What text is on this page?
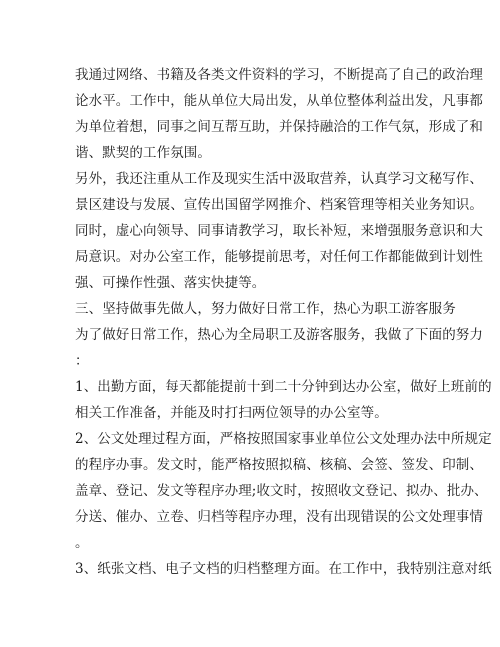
我通过网络、书籍及各类文件资料的学习，不断提高了自己的政治理
论水平。工作中，能从单位大局出发，从单位整体利益出发，凡事都
为单位着想，同事之间互帮互助，并保持融洽的工作气氛，形成了和
谐、默契的工作氛围。
另外，我还注重从工作及现实生活中汲取营养，认真学习文秘写作、
景区建设与发展、宣传出国留学网推介、档案管理等相关业务知识。
同时，虚心向领导、同事请教学习，取长补短，来增强服务意识和大
局意识。对办公室工作，能够提前思考，对任何工作都能做到计划性
强、可操作性强、落实快捷等。
三、坚持做事先做人，努力做好日常工作，热心为职工游客服务
为了做好日常工作，热心为全局职工及游客服务，我做了下面的努力
：
1、出勤方面，每天都能提前十到二十分钟到达办公室，做好上班前的
相关工作准备，并能及时打扫两位领导的办公室等。
2、公文处理过程方面，严格按照国家事业单位公文处理办法中所规定
的程序办事。发文时，能严格按照拟稿、核稿、会签、签发、印制、
盖章、登记、发文等程序办理;收文时，按照收文登记、拟办、批办、
分送、催办、立卷、归档等程序办理，没有出现错误的公文处理事情
。
3、纸张文档、电子文档的归档整理方面。在工作中，我特别注意对纸
